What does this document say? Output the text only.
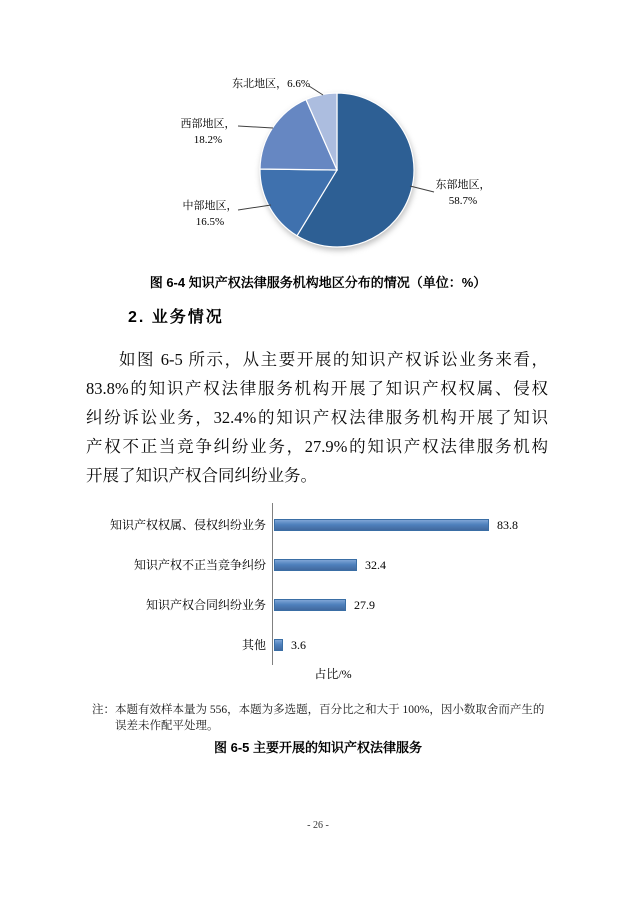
东北地区，6.6%
西部地区，
18.2%
中部地区，
16.5%
东部地区，
58.7%
图 6-4 知识产权法律服务机构地区分布的情况（单位：%）
2. 业务情况
如图 6-5 所示，从主要开展的知识产权诉讼业务来看，
83.8%的知识产权法律服务机构开展了知识产权权属、侵权
纠纷诉讼业务，32.4%的知识产权法律服务机构开展了知识
产权不正当竞争纠纷业务，27.9%的知识产权法律服务机构
开展了知识产权合同纠纷业务。
占比/%
知识产权权属、侵权纠纷业务	83.8
知识产权不正当竞争纠纷	32.4
知识产权合同纠纷业务	27.9
其他 3.6
注：本题有效样本量为 556，本题为多选题，百分比之和大于 100%，因小数取舍而产生的
误差未作配平处理。
图 6-5 主要开展的知识产权法律服务
- 26 -
